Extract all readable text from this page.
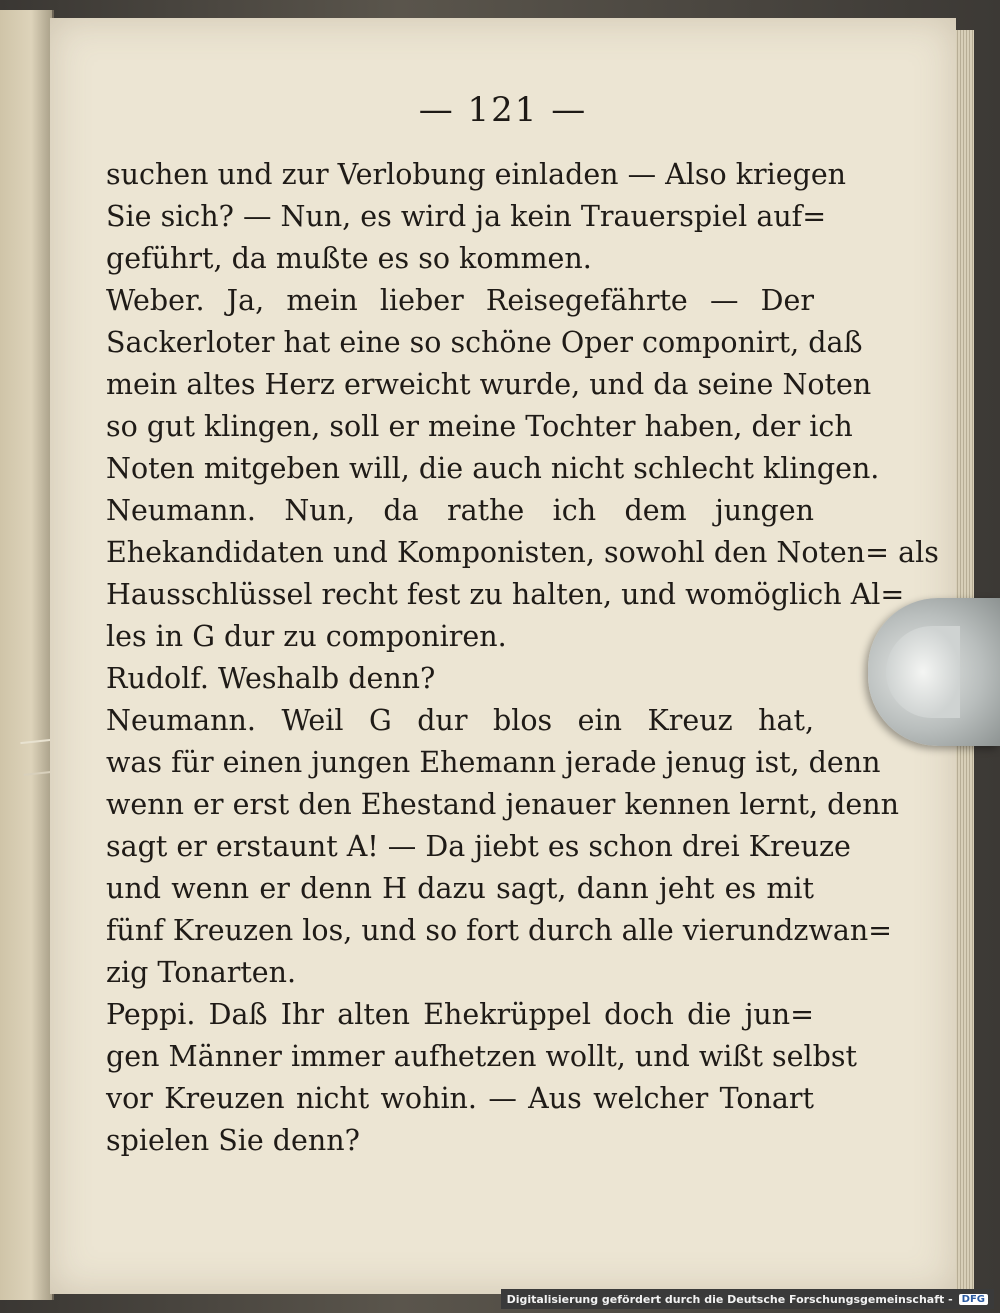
— 121 —
suchen und zur Verlobung einladen — Also kriegen
Sie sich? — Nun, es wird ja kein Trauerspiel auf=
geführt, da mußte es so kommen.
Weber. Ja, mein lieber Reisegefährte — Der
Sackerloter hat eine so schöne Oper componirt, daß
mein altes Herz erweicht wurde, und da seine Noten
so gut klingen, soll er meine Tochter haben, der ich
Noten mitgeben will, die auch nicht schlecht klingen.
Neumann. Nun, da rathe ich dem jungen
Ehekandidaten und Komponisten, sowohl den Noten= als
Hausschlüssel recht fest zu halten, und womöglich Al=
les in G dur zu componiren.
Rudolf. Weshalb denn?
Neumann. Weil G dur blos ein Kreuz hat,
was für einen jungen Ehemann jerade jenug ist, denn
wenn er erst den Ehestand jenauer kennen lernt, denn
sagt er erstaunt A! — Da jiebt es schon drei Kreuze
und wenn er denn H dazu sagt, dann jeht es mit
fünf Kreuzen los, und so fort durch alle vierundzwan=
zig Tonarten.
Peppi. Daß Ihr alten Ehekrüppel doch die jun=
gen Männer immer aufhetzen wollt, und wißt selbst
vor Kreuzen nicht wohin. — Aus welcher Tonart
spielen Sie denn?
Digitalisierung gefördert durch die Deutsche Forschungsgemeinschaft - DFG
